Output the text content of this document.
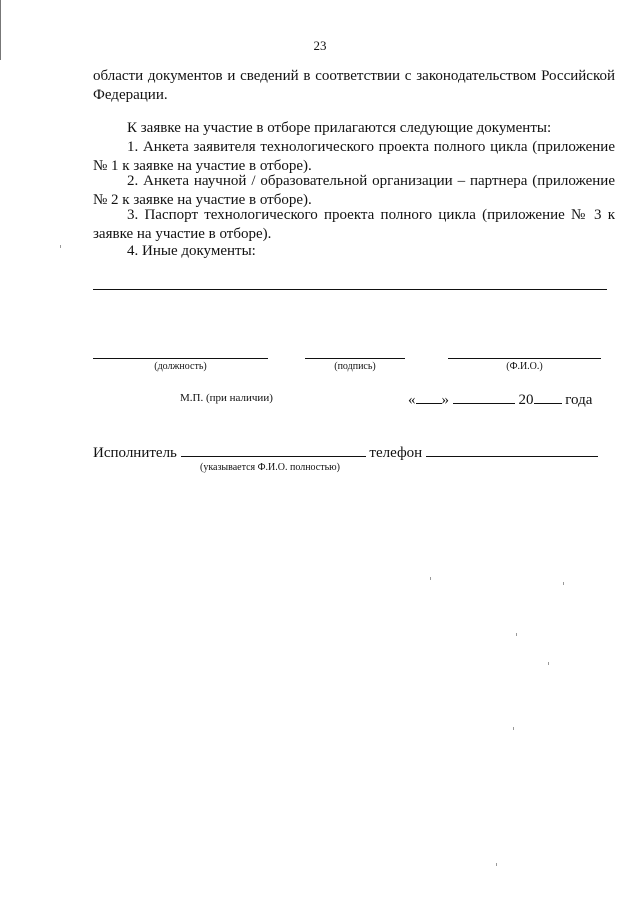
23
области документов и сведений в соответствии с законодательством Российской Федерации.
К заявке на участие в отборе прилагаются следующие документы:
1. Анкета заявителя технологического проекта полного цикла (приложение № 1 к заявке на участие в отборе).
2. Анкета научной / образовательной организации – партнера (приложение № 2 к заявке на участие в отборе).
3. Паспорт технологического проекта полного цикла (приложение № 3 к заявке на участие в отборе).
4. Иные документы:
(должность)	(подпись)	(Ф.И.О.)
М.П. (при наличии)	« »	20 года
Исполнитель	телефон
(указывается Ф.И.О. полностью)
